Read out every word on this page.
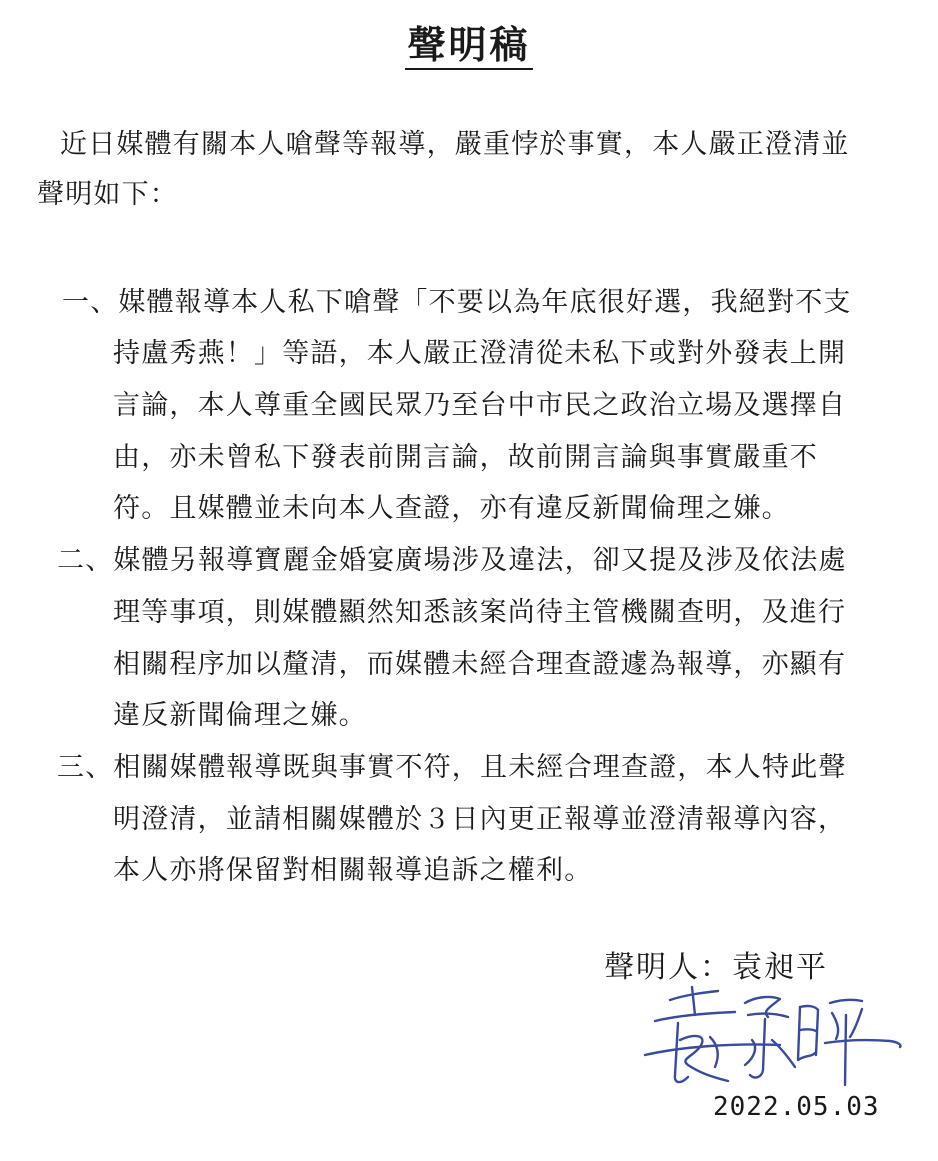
聲明稿
近日媒體有關本人嗆聲等報導，嚴重悖於事實，本人嚴正澄清並
聲明如下：
一、媒體報導本人私下嗆聲「不要以為年底很好選，我絕對不支
持盧秀燕！」等語，本人嚴正澄清從未私下或對外發表上開
言論，本人尊重全國民眾乃至台中市民之政治立場及選擇自
由，亦未曾私下發表前開言論，故前開言論與事實嚴重不
符。且媒體並未向本人查證，亦有違反新聞倫理之嫌。
二、媒體另報導寶麗金婚宴廣場涉及違法，卻又提及涉及依法處
理等事項，則媒體顯然知悉該案尚待主管機關查明，及進行
相關程序加以釐清，而媒體未經合理查證遽為報導，亦顯有
違反新聞倫理之嫌。
三、相關媒體報導既與事實不符，且未經合理查證，本人特此聲
明澄清，並請相關媒體於３日內更正報導並澄清報導內容，
本人亦將保留對相關報導追訴之權利。
聲明人：袁昶平
2022.05.03
